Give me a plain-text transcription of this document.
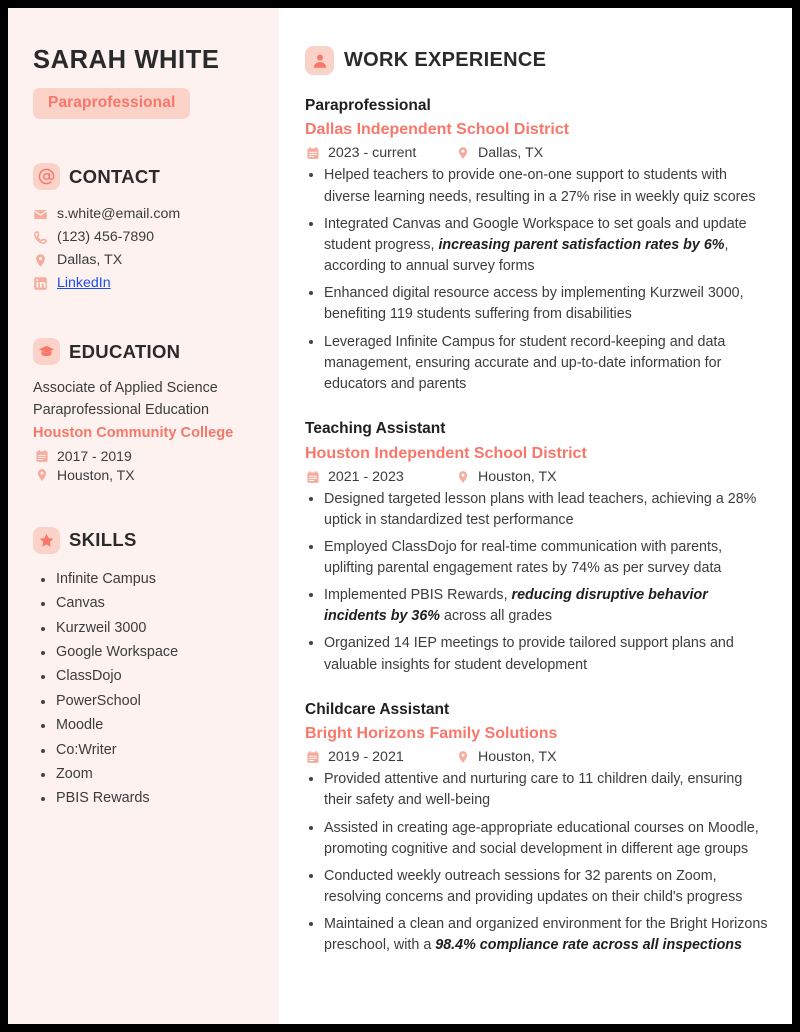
SARAH WHITE
Paraprofessional
CONTACT
s.white@email.com
(123) 456-7890
Dallas, TX
LinkedIn
EDUCATION
Associate of Applied Science
Paraprofessional Education
Houston Community College
2017 - 2019
Houston, TX
SKILLS
Infinite Campus
Canvas
Kurzweil 3000
Google Workspace
ClassDojo
PowerSchool
Moodle
Co:Writer
Zoom
PBIS Rewards
WORK EXPERIENCE
Paraprofessional
Dallas Independent School District
2023 - current	Dallas, TX
Helped teachers to provide one-on-one support to students with diverse learning needs, resulting in a 27% rise in weekly quiz scores
Integrated Canvas and Google Workspace to set goals and update student progress, increasing parent satisfaction rates by 6%, according to annual survey forms
Enhanced digital resource access by implementing Kurzweil 3000, benefiting 119 students suffering from disabilities
Leveraged Infinite Campus for student record-keeping and data management, ensuring accurate and up-to-date information for educators and parents
Teaching Assistant
Houston Independent School District
2021 - 2023	Houston, TX
Designed targeted lesson plans with lead teachers, achieving a 28% uptick in standardized test performance
Employed ClassDojo for real-time communication with parents, uplifting parental engagement rates by 74% as per survey data
Implemented PBIS Rewards, reducing disruptive behavior incidents by 36% across all grades
Organized 14 IEP meetings to provide tailored support plans and valuable insights for student development
Childcare Assistant
Bright Horizons Family Solutions
2019 - 2021	Houston, TX
Provided attentive and nurturing care to 11 children daily, ensuring their safety and well-being
Assisted in creating age-appropriate educational courses on Moodle, promoting cognitive and social development in different age groups
Conducted weekly outreach sessions for 32 parents on Zoom, resolving concerns and providing updates on their child's progress
Maintained a clean and organized environment for the Bright Horizons preschool, with a 98.4% compliance rate across all inspections
